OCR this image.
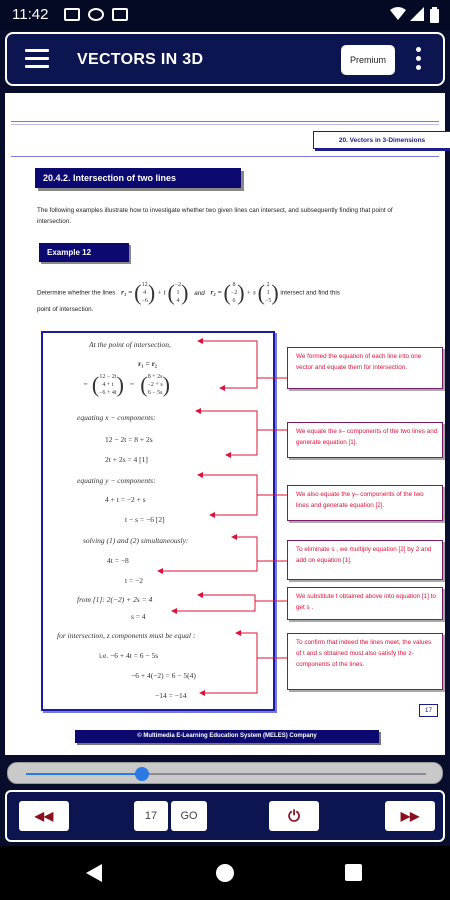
11:42
VECTORS IN 3D	Premium
20. Vectors in 3-Dimensions
20.4.2. Intersection of two lines
The following examples illustrate how to investigate whether two given lines can intersect, and subsequently finding that point of intersection.
Example 12
Determine whether the lines r₁ = ( 12
4
−6 ) + t ( −2
1
4 ) and r₂ = ( 8
−2
6 ) + s ( 2
1
−5 ) intersect and find this
point of intersection.
At the point of intersection,
r₁ = r₂
= ( 12 − 2t
4 + t
−6 + 4t ) = ( 8 + 2s
−2 + s
6 − 5s )
equating x − components:
12 − 2t = 8 + 2s
2t + 2s = 4 [1]
equating y − components:
4 + t = −2 + s
t − s = −6 [2]
solving (1) and (2) simultaneously:
4t = −8
t = −2
from [1]: 2(−2) + 2s = 4
s = 4
for intersection, z components must be equal :
i.e. −6 + 4t = 6 − 5s
−6 + 4(−2) = 6 − 5(4)
−14 = −14
We formed the equation of each line into one vector and equate them for intersection.
We equate the x– components of the two lines and generate equation [1].
We also equate the y– components of the two lines and generate equation [2].
To eliminate s , we multiply equation [2] by 2 and add on equation [1].
We substitute t obtained above into equation [1] to get s .
To confirm that indeed the lines meet, the values of t and s obtained must also satisfy the z-components of the lines.
17
© Multimedia E-Learning Education System (MELES) Company
◀◀	17	GO	⏻	▶▶
